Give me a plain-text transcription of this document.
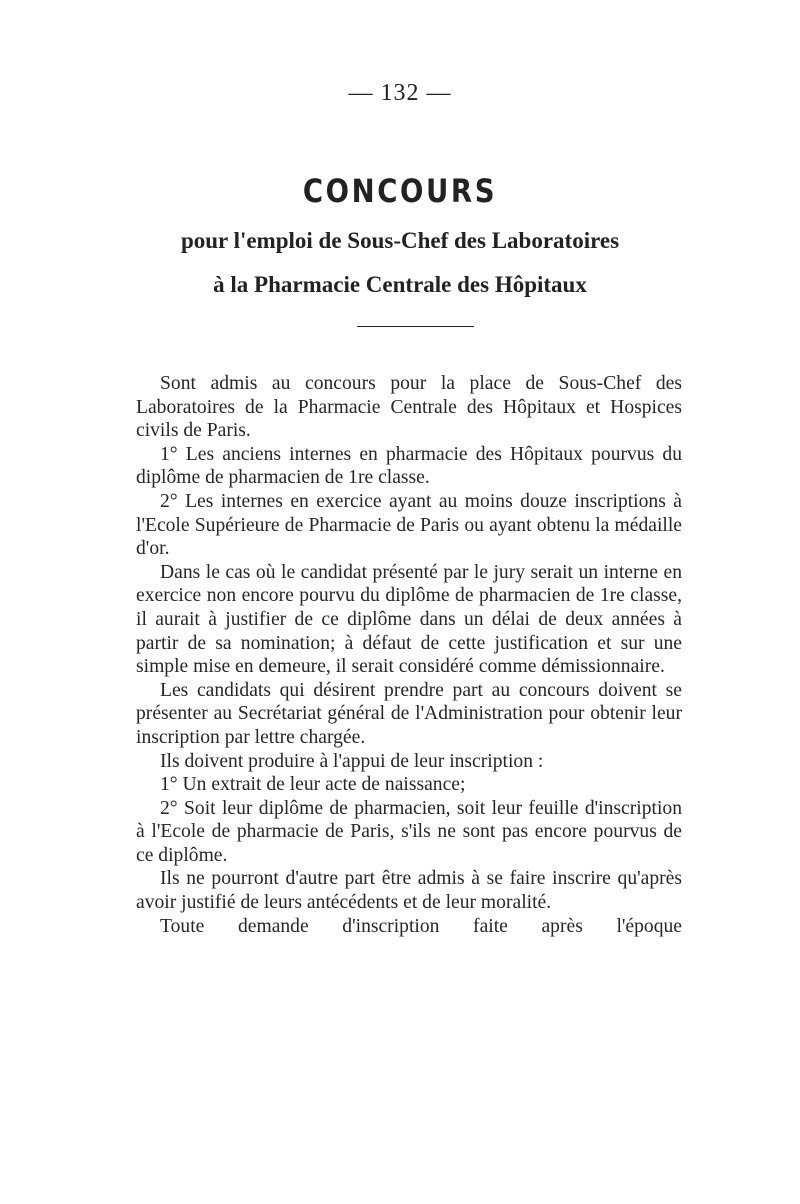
— 132 —
CONCOURS
pour l'emploi de Sous-Chef des Laboratoires
à la Pharmacie Centrale des Hôpitaux

Sont admis au concours pour la place de Sous-Chef des Laboratoires de la Pharmacie Centrale des Hôpitaux et Hospices civils de Paris.

1° Les anciens internes en pharmacie des Hôpitaux pourvus du diplôme de pharmacien de 1re classe.

2° Les internes en exercice ayant au moins douze inscriptions à l'Ecole Supérieure de Pharmacie de Paris ou ayant obtenu la médaille d'or.

Dans le cas où le candidat présenté par le jury serait un interne en exercice non encore pourvu du diplôme de pharmacien de 1re classe, il aurait à justifier de ce diplôme dans un délai de deux années à partir de sa nomination; à défaut de cette justification et sur une simple mise en demeure, il serait considéré comme démissionnaire.

Les candidats qui désirent prendre part au concours doivent se présenter au Secrétariat général de l'Administration pour obtenir leur inscription par lettre chargée.

Ils doivent produire à l'appui de leur inscription :

1° Un extrait de leur acte de naissance;

2° Soit leur diplôme de pharmacien, soit leur feuille d'inscription à l'Ecole de pharmacie de Paris, s'ils ne sont pas encore pourvus de ce diplôme.

Ils ne pourront d'autre part être admis à se faire inscrire qu'après avoir justifié de leurs antécédents et de leur moralité.

Toute demande d'inscription faite après l'époque
